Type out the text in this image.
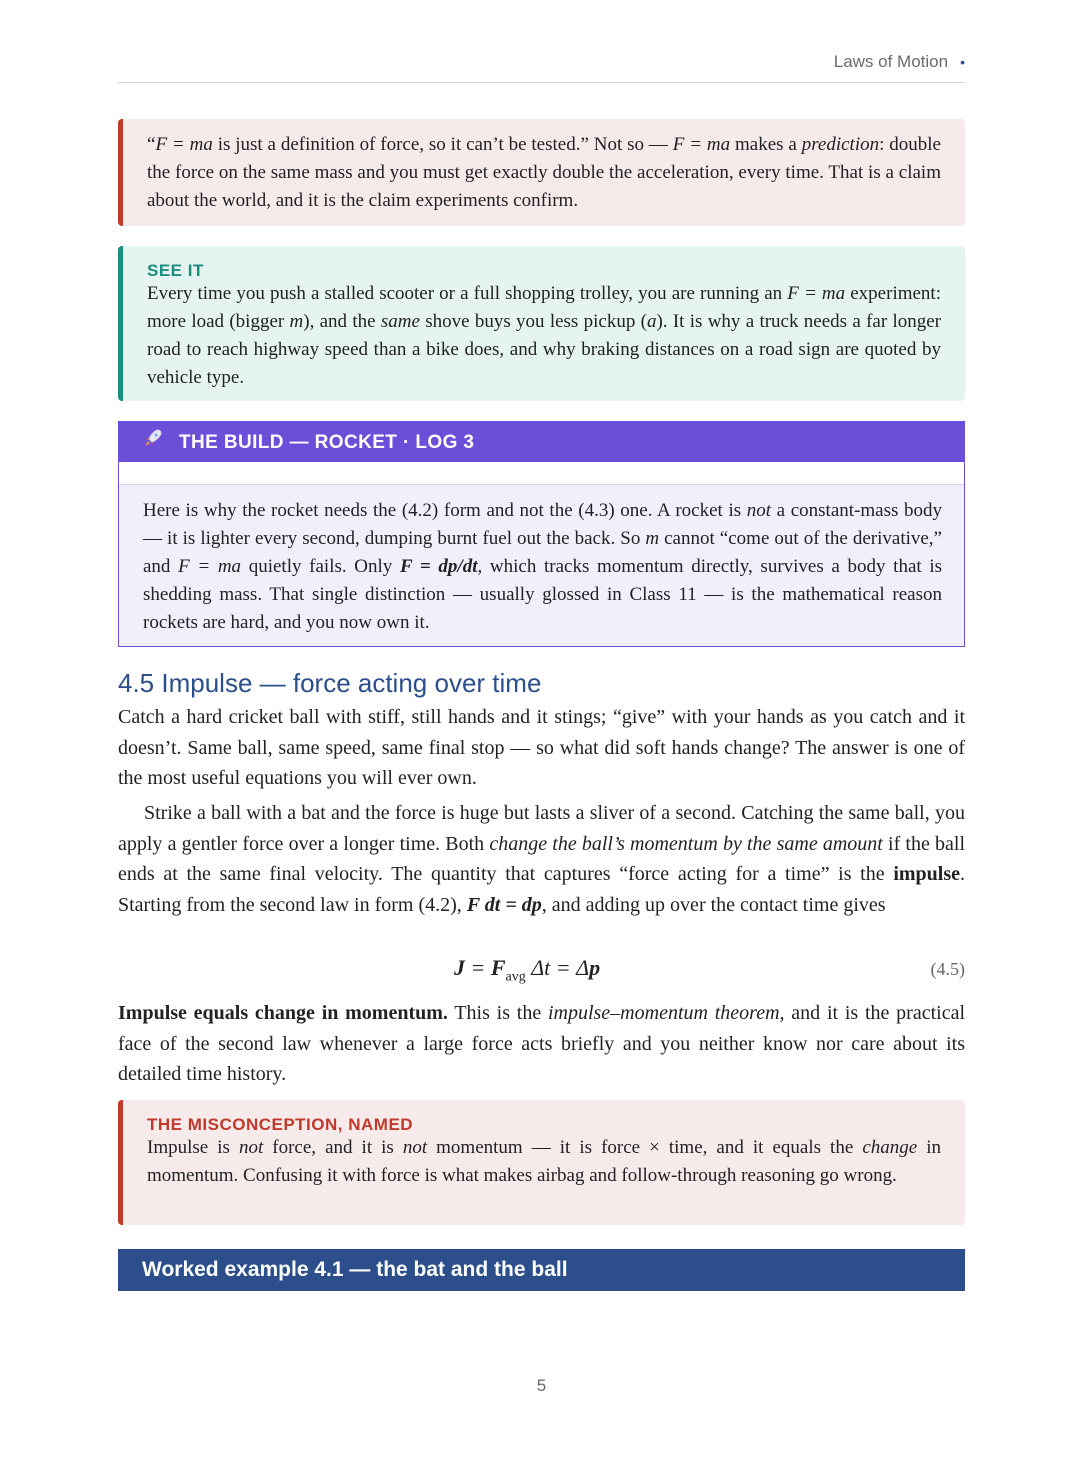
Laws of Motion •
“F = ma is just a definition of force, so it can’t be tested.” Not so — F = ma makes a prediction: double the force on the same mass and you must get exactly double the acceleration, every time. That is a claim about the world, and it is the claim experiments confirm.
SEE IT
Every time you push a stalled scooter or a full shopping trolley, you are running an F = ma experiment: more load (bigger m), and the same shove buys you less pickup (a). It is why a truck needs a far longer road to reach highway speed than a bike does, and why braking distances on a road sign are quoted by vehicle type.
THE BUILD — ROCKET · LOG 3
Here is why the rocket needs the (4.2) form and not the (4.3) one. A rocket is not a constant-mass body — it is lighter every second, dumping burnt fuel out the back. So m cannot “come out of the derivative,” and F = ma quietly fails. Only F = dp/dt, which tracks momentum directly, survives a body that is shedding mass. That single distinction — usually glossed in Class 11 — is the mathematical reason rockets are hard, and you now own it.
4.5 Impulse — force acting over time

Catch a hard cricket ball with stiff, still hands and it stings; “give” with your hands as you catch and it doesn’t. Same ball, same speed, same final stop — so what did soft hands change? The answer is one of the most useful equations you will ever own.

Strike a ball with a bat and the force is huge but lasts a sliver of a second. Catching the same ball, you apply a gentler force over a longer time. Both change the ball’s momentum by the same amount if the ball ends at the same final velocity. The quantity that captures “force acting for a time” is the impulse. Starting from the second law in form (4.2), F dt = dp, and adding up over the contact time gives

$J = F_{avg}$ Δt = Δp	(4.5)

Impulse equals change in momentum. This is the impulse–momentum theorem, and it is the practical face of the second law whenever a large force acts briefly and you neither know nor care about its detailed time history.

THE MISCONCEPTION, NAMED
Impulse is not force, and it is not momentum — it is force × time, and it equals the change in momentum. Confusing it with force is what makes airbag and follow-through reasoning go wrong.
Worked example 4.1 — the bat and the ball
5
